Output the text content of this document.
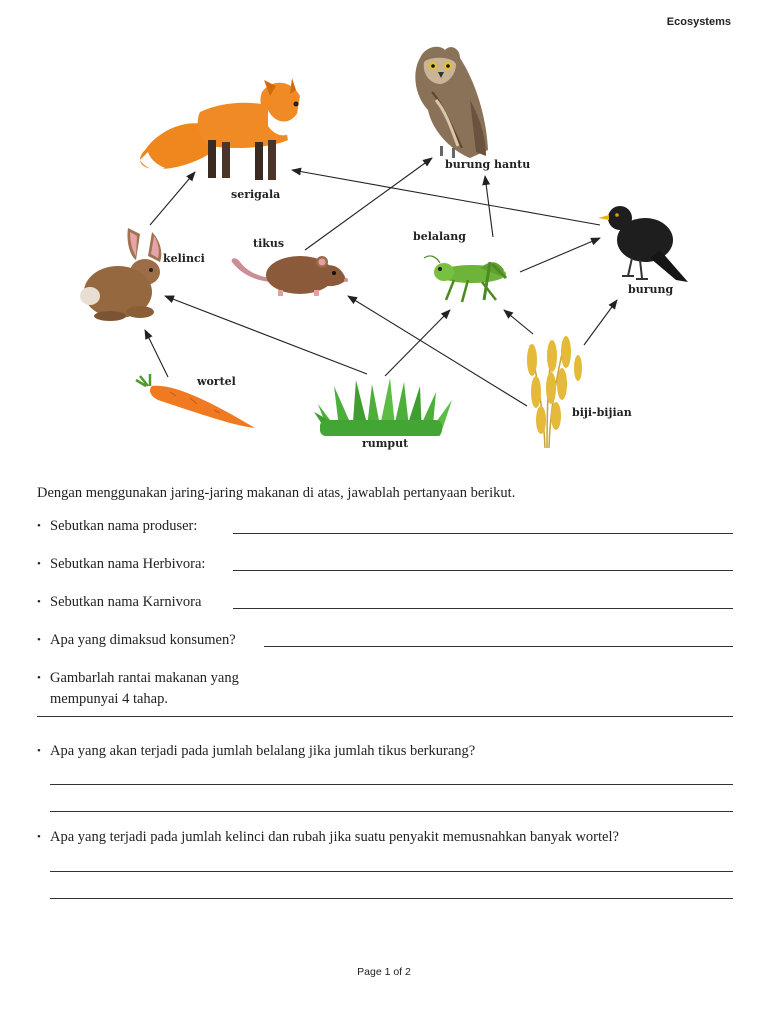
Ecosystems
serigala
burung hantu
kelinci
tikus
belalang
burung
wortel
rumput
biji-bijian
Dengan menggunakan jaring-jaring makanan di atas, jawablah pertanyaan berikut.
• Sebutkan nama produser:
• Sebutkan nama Herbivora:
• Sebutkan nama Karnivora
• Apa yang dimaksud konsumen?
• Gambarlah rantai makanan yang
mempunyai 4 tahap.
• Apa yang akan terjadi pada jumlah belalang jika jumlah tikus berkurang?
• Apa yang terjadi pada jumlah kelinci dan rubah jika suatu penyakit memusnahkan banyak wortel?
Page 1 of 2
